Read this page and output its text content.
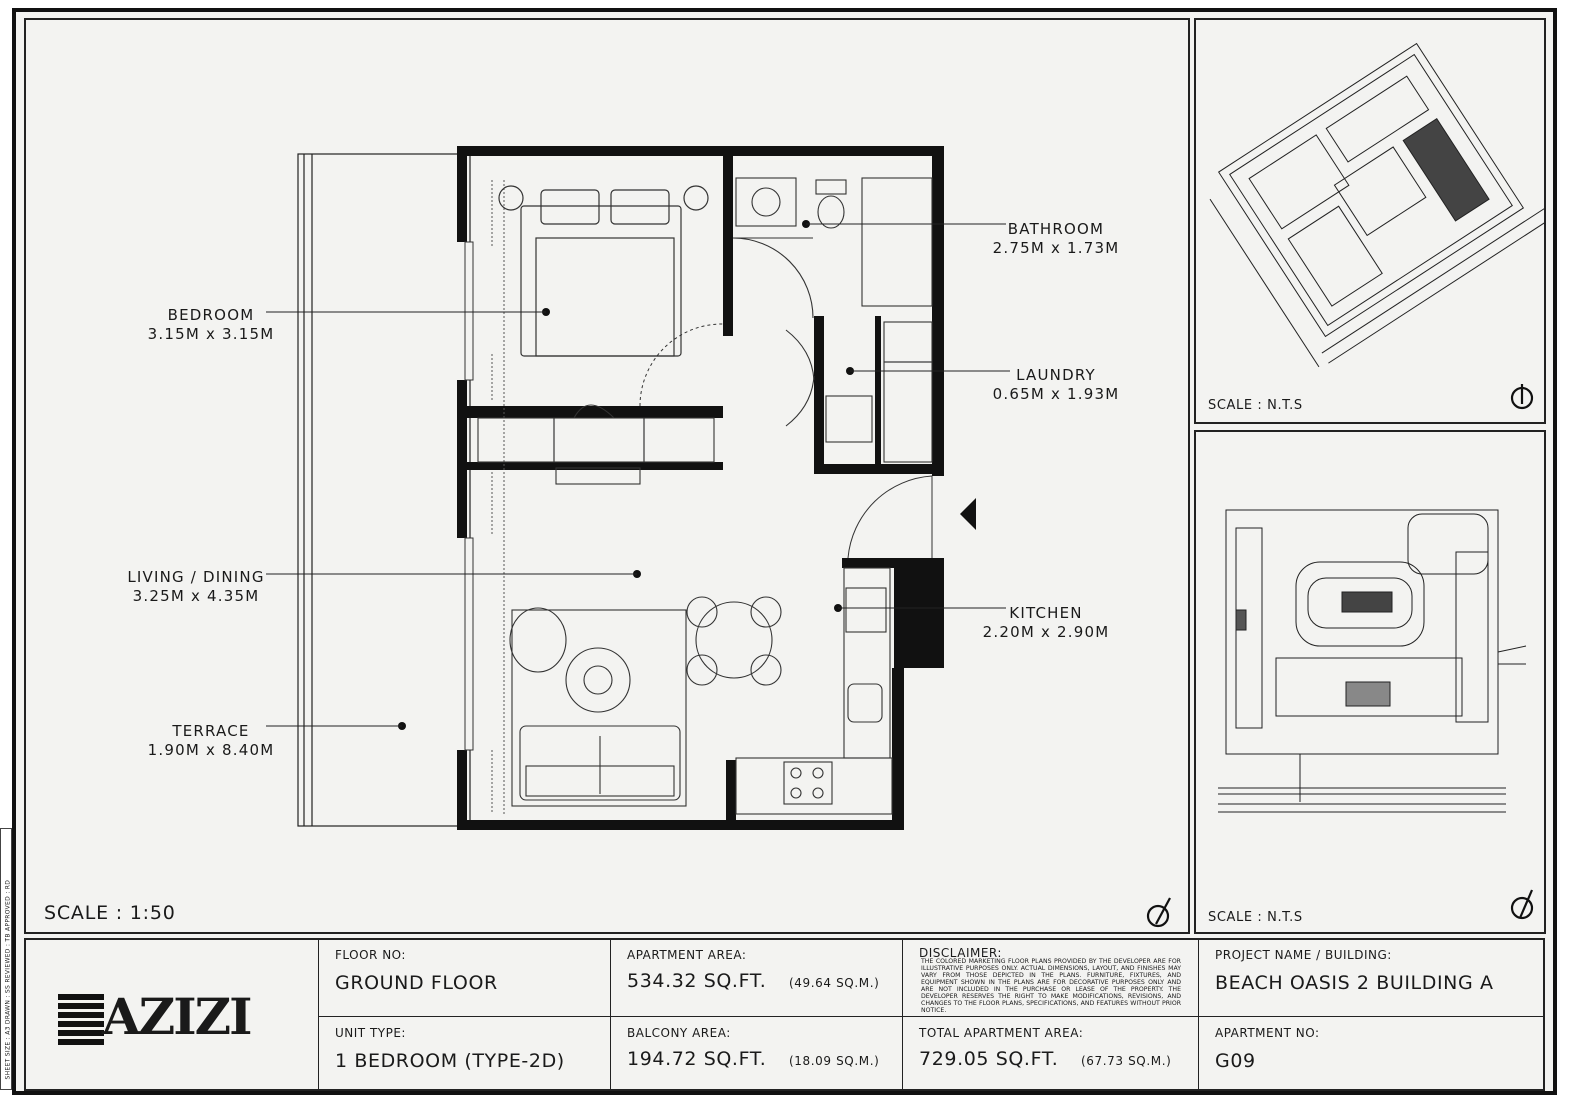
SHEET SIZE : A3 DRAWN : SS REVIEWED : TB APPROVED : RD
BEDROOM
3.15M x 3.15M
LIVING / DINING
3.25M x 4.35M
TERRACE
1.90M x 8.40M
BATHROOM
2.75M x 1.73M
LAUNDRY
0.65M x 1.93M
KITCHEN
2.20M x 2.90M
SCALE : 1:50
SCALE : N.T.S
SCALE : N.T.S
AZIZI
FLOOR NO:
GROUND FLOOR
UNIT TYPE:
1 BEDROOM (TYPE-2D)
APARTMENT AREA:
534.32 SQ.FT. (49.64 SQ.M.)
BALCONY AREA:
194.72 SQ.FT. (18.09 SQ.M.)
DISCLAIMER:
THE COLORED MARKETING FLOOR PLANS PROVIDED BY THE DEVELOPER ARE FOR ILLUSTRATIVE PURPOSES ONLY. ACTUAL DIMENSIONS, LAYOUT, AND FINISHES MAY VARY FROM THOSE DEPICTED IN THE PLANS. FURNITURE, FIXTURES, AND EQUIPMENT SHOWN IN THE PLANS ARE FOR DECORATIVE PURPOSES ONLY AND ARE NOT INCLUDED IN THE PURCHASE OR LEASE OF THE PROPERTY. THE DEVELOPER RESERVES THE RIGHT TO MAKE MODIFICATIONS, REVISIONS, AND CHANGES TO THE FLOOR PLANS, SPECIFICATIONS, AND FEATURES WITHOUT PRIOR NOTICE.
TOTAL APARTMENT AREA:
729.05 SQ.FT. (67.73 SQ.M.)
PROJECT NAME / BUILDING:
BEACH OASIS 2 BUILDING A
APARTMENT NO:
G09
